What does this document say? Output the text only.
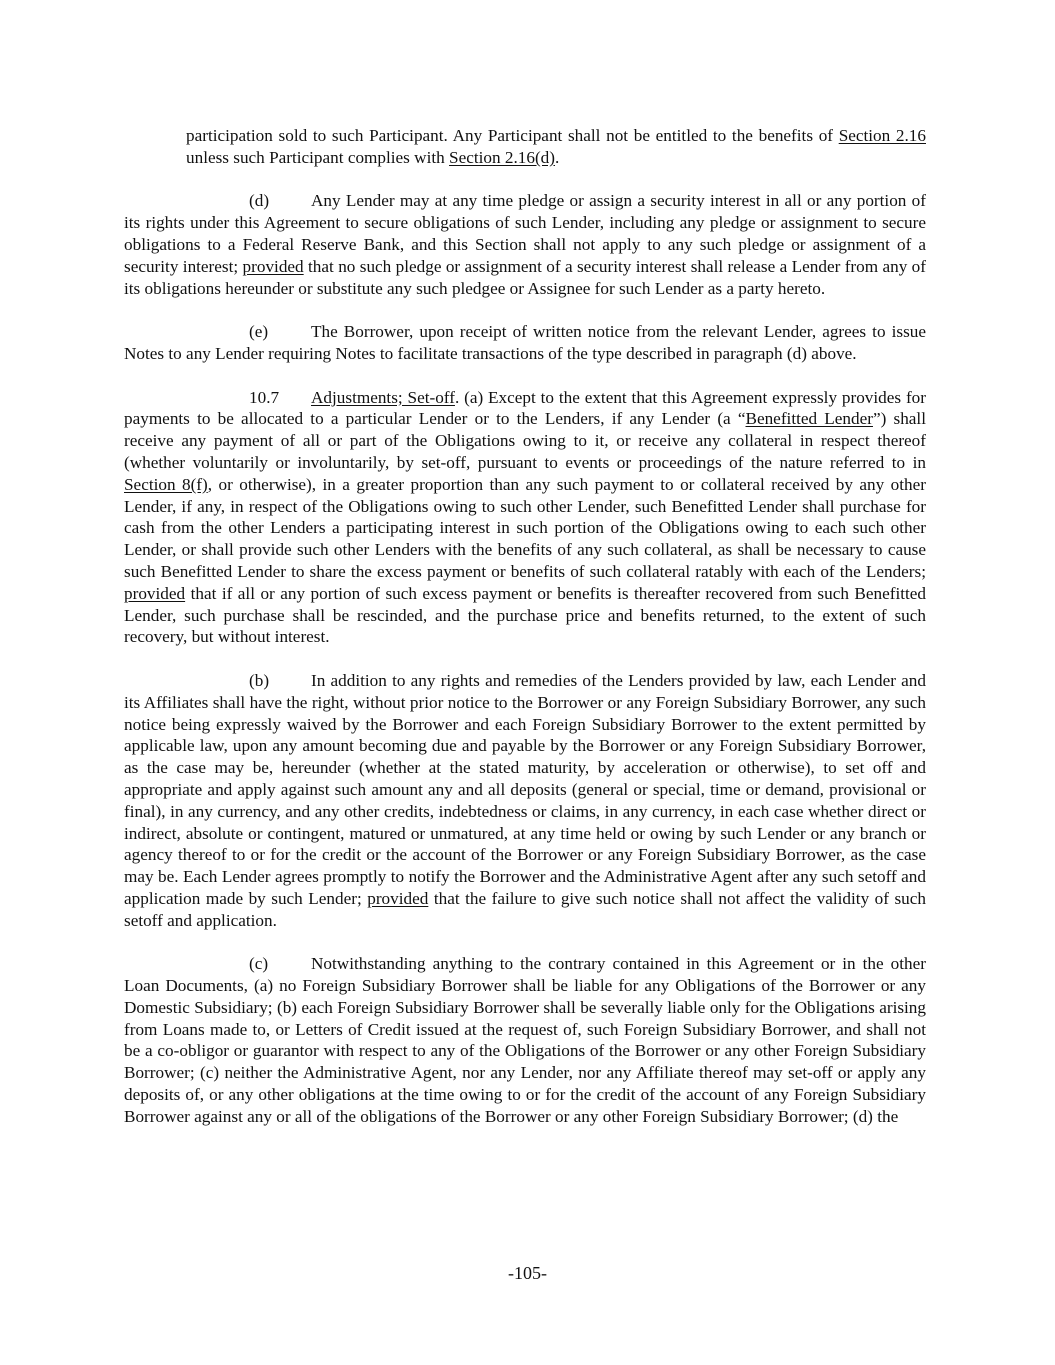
participation sold to such Participant. Any Participant shall not be entitled to the benefits of Section 2.16 unless such Participant complies with Section 2.16(d).

(d) Any Lender may at any time pledge or assign a security interest in all or any portion of its rights under this Agreement to secure obligations of such Lender, including any pledge or assignment to secure obligations to a Federal Reserve Bank, and this Section shall not apply to any such pledge or assignment of a security interest; provided that no such pledge or assignment of a security interest shall release a Lender from any of its obligations hereunder or substitute any such pledgee or Assignee for such Lender as a party hereto.

(e) The Borrower, upon receipt of written notice from the relevant Lender, agrees to issue Notes to any Lender requiring Notes to facilitate transactions of the type described in paragraph (d) above.

10.7 Adjustments; Set-off. (a) Except to the extent that this Agreement expressly provides for payments to be allocated to a particular Lender or to the Lenders, if any Lender (a “Benefitted Lender”) shall receive any payment of all or part of the Obligations owing to it, or receive any collateral in respect thereof (whether voluntarily or involuntarily, by set-off, pursuant to events or proceedings of the nature referred to in Section 8(f), or otherwise), in a greater proportion than any such payment to or collateral received by any other Lender, if any, in respect of the Obligations owing to such other Lender, such Benefitted Lender shall purchase for cash from the other Lenders a participating interest in such portion of the Obligations owing to each such other Lender, or shall provide such other Lenders with the benefits of any such collateral, as shall be necessary to cause such Benefitted Lender to share the excess payment or benefits of such collateral ratably with each of the Lenders; provided that if all or any portion of such excess payment or benefits is thereafter recovered from such Benefitted Lender, such purchase shall be rescinded, and the purchase price and benefits returned, to the extent of such recovery, but without interest.

(b) In addition to any rights and remedies of the Lenders provided by law, each Lender and its Affiliates shall have the right, without prior notice to the Borrower or any Foreign Subsidiary Borrower, any such notice being expressly waived by the Borrower and each Foreign Subsidiary Borrower to the extent permitted by applicable law, upon any amount becoming due and payable by the Borrower or any Foreign Subsidiary Borrower, as the case may be, hereunder (whether at the stated maturity, by acceleration or otherwise), to set off and appropriate and apply against such amount any and all deposits (general or special, time or demand, provisional or final), in any currency, and any other credits, indebtedness or claims, in any currency, in each case whether direct or indirect, absolute or contingent, matured or unmatured, at any time held or owing by such Lender or any branch or agency thereof to or for the credit or the account of the Borrower or any Foreign Subsidiary Borrower, as the case may be. Each Lender agrees promptly to notify the Borrower and the Administrative Agent after any such setoff and application made by such Lender; provided that the failure to give such notice shall not affect the validity of such setoff and application.

(c) Notwithstanding anything to the contrary contained in this Agreement or in the other Loan Documents, (a) no Foreign Subsidiary Borrower shall be liable for any Obligations of the Borrower or any Domestic Subsidiary; (b) each Foreign Subsidiary Borrower shall be severally liable only for the Obligations arising from Loans made to, or Letters of Credit issued at the request of, such Foreign Subsidiary Borrower, and shall not be a co-obligor or guarantor with respect to any of the Obligations of the Borrower or any other Foreign Subsidiary Borrower; (c) neither the Administrative Agent, nor any Lender, nor any Affiliate thereof may set-off or apply any deposits of, or any other obligations at the time owing to or for the credit of the account of any Foreign Subsidiary Borrower against any or all of the obligations of the Borrower or any other Foreign Subsidiary Borrower; (d) the

-105-
